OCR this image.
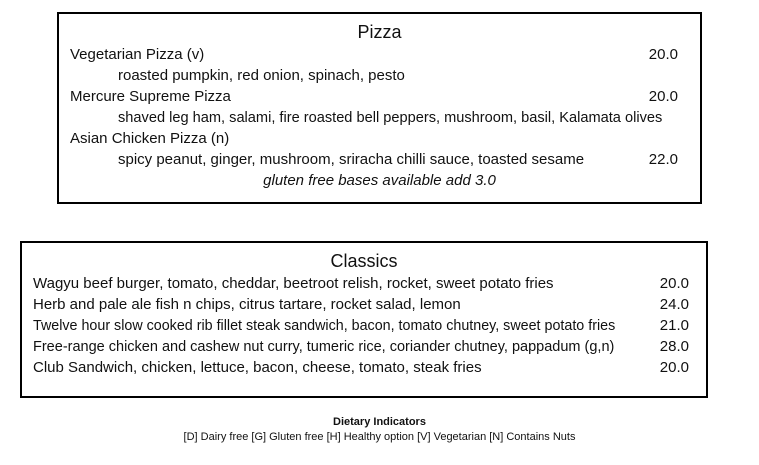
Pizza
Vegetarian Pizza (v)	20.0
roasted pumpkin, red onion, spinach, pesto
Mercure Supreme Pizza	20.0
shaved leg ham, salami, fire roasted bell peppers, mushroom, basil, Kalamata olives
Asian Chicken Pizza (n)
spicy peanut, ginger, mushroom, sriracha chilli sauce, toasted sesame	22.0
gluten free bases available add 3.0
Classics
Wagyu beef burger, tomato, cheddar, beetroot relish, rocket, sweet potato fries	20.0
Herb and pale ale fish n chips, citrus tartare, rocket salad, lemon	24.0
Twelve hour slow cooked rib fillet steak sandwich, bacon, tomato chutney, sweet potato fries	21.0
Free-range chicken and cashew nut curry, tumeric rice, coriander chutney, pappadum (g,n)	28.0
Club Sandwich, chicken, lettuce, bacon, cheese, tomato, steak fries	20.0
Dietary Indicators
[D] Dairy free [G] Gluten free [H] Healthy option [V] Vegetarian [N] Contains Nuts
